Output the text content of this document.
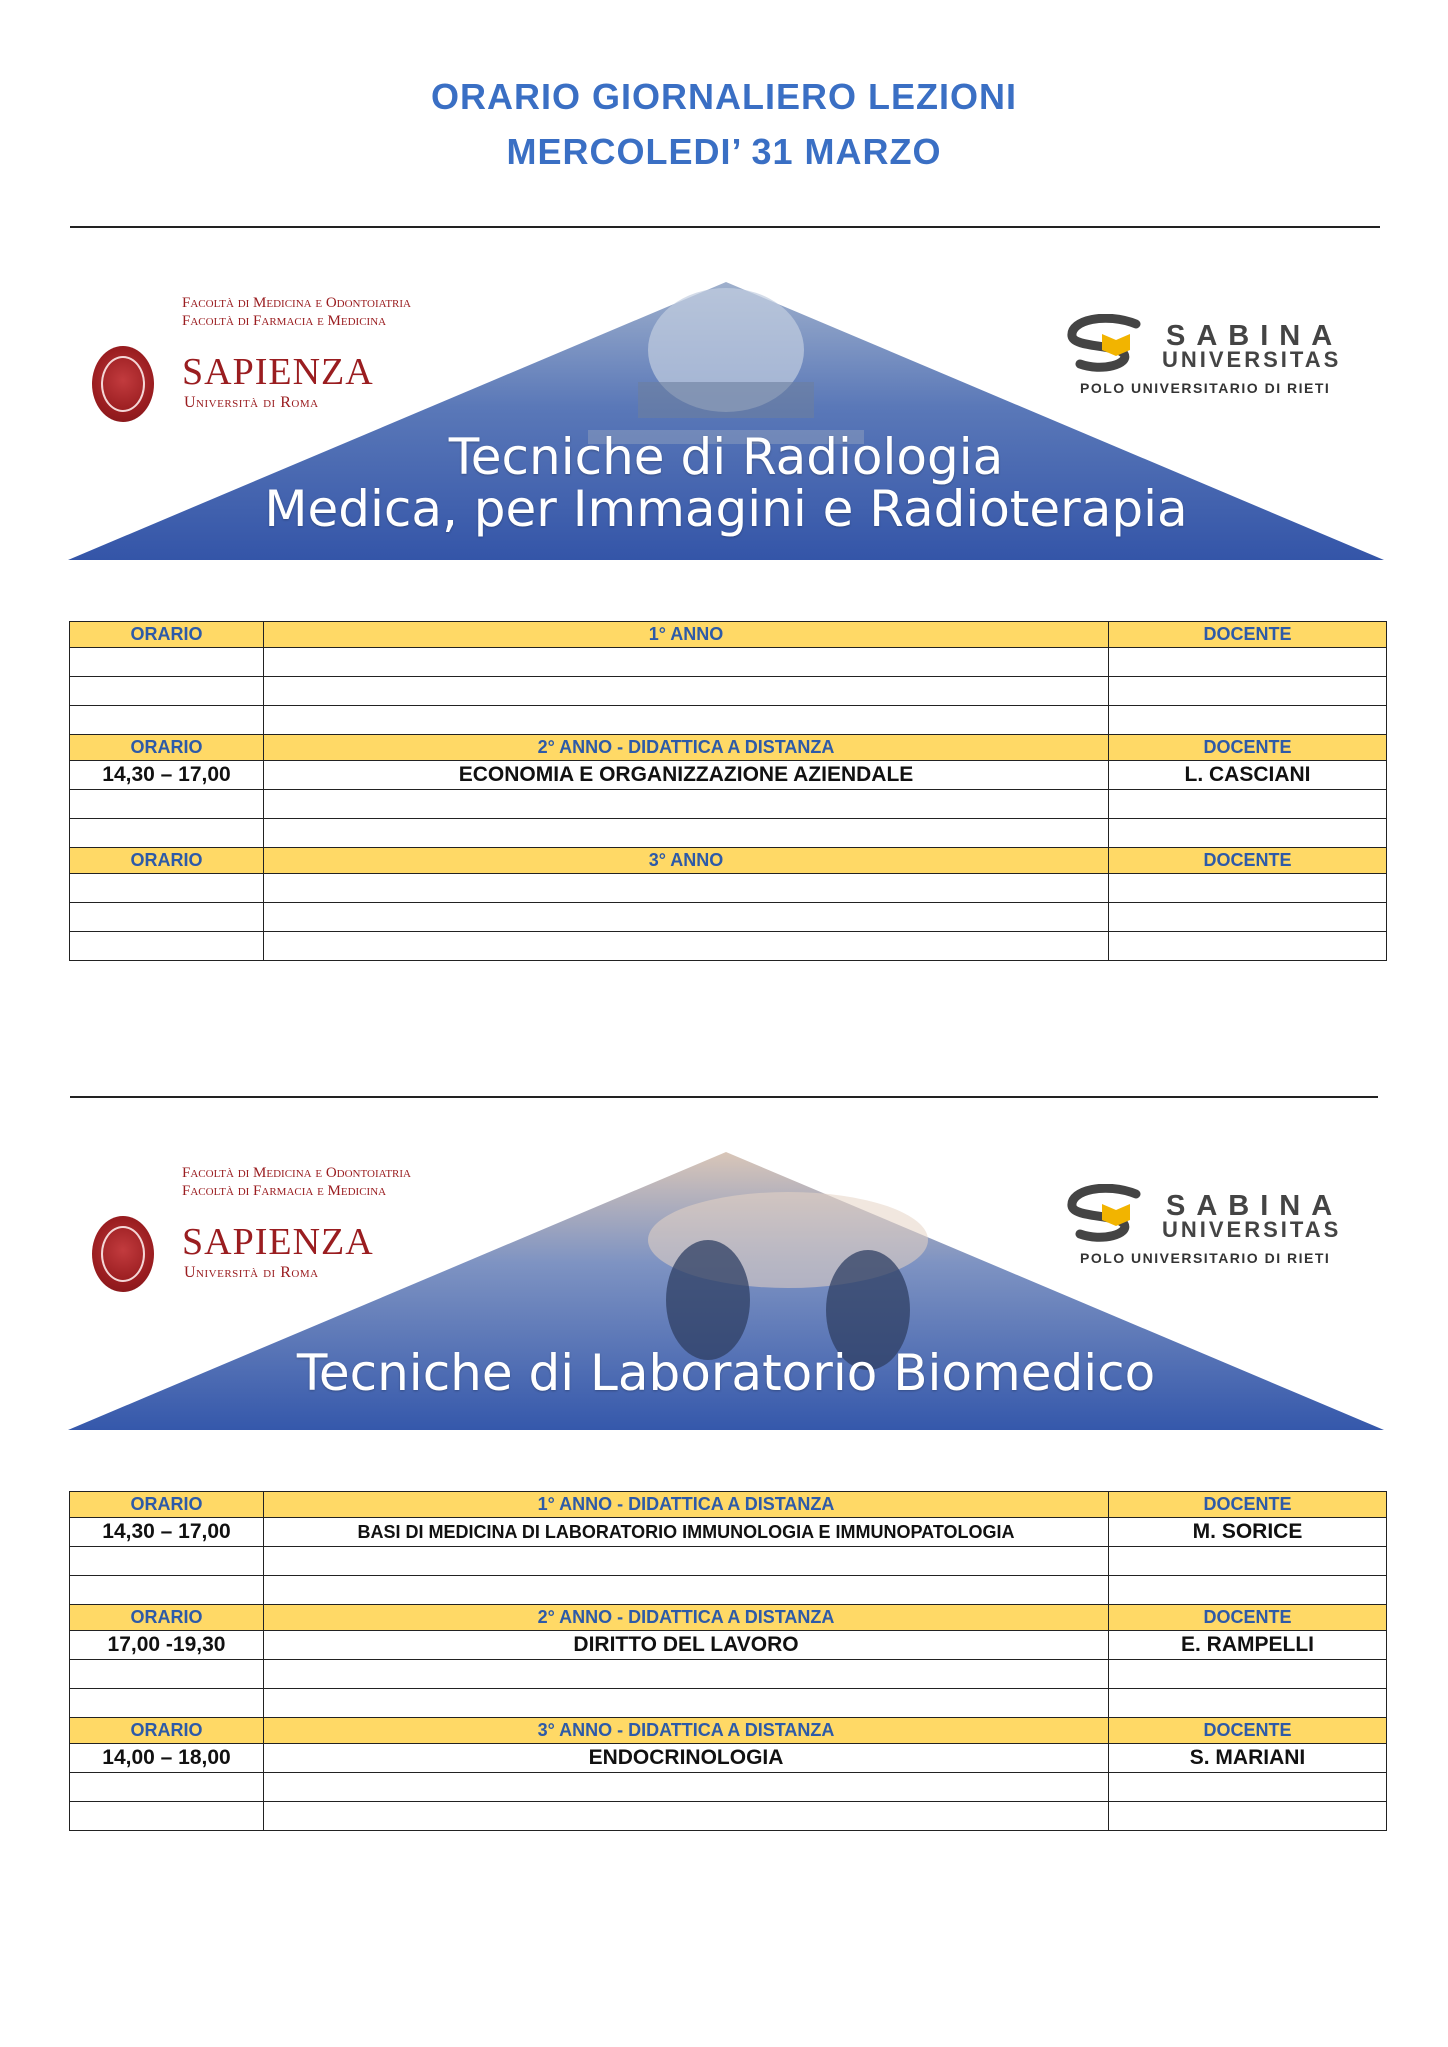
ORARIO GIORNALIERO LEZIONI
MERCOLEDI’ 31 MARZO
Facoltà di Medicina e Odontoiatria
Facoltà di Farmacia e Medicina
SAPIENZA
Università di Roma
SABINA
UNIVERSITAS
POLO UNIVERSITARIO DI RIETI
Tecniche di Radiologia
Medica, per Immagini e Radioterapia
ORARIO	1° ANNO	DOCENTE

ORARIO	2° ANNO - DIDATTICA A DISTANZA	DOCENTE
14,30 – 17,00	ECONOMIA E ORGANIZZAZIONE AZIENDALE	L. CASCIANI

ORARIO	3° ANNO	DOCENTE

Facoltà di Medicina e Odontoiatria
Facoltà di Farmacia e Medicina
SAPIENZA
Università di Roma
SABINA
UNIVERSITAS
POLO UNIVERSITARIO DI RIETI
Tecniche di Laboratorio Biomedico
ORARIO	1° ANNO - DIDATTICA A DISTANZA	DOCENTE
14,30 – 17,00	BASI DI MEDICINA DI LABORATORIO IMMUNOLOGIA E IMMUNOPATOLOGIA	M. SORICE

ORARIO	2° ANNO - DIDATTICA A DISTANZA	DOCENTE
17,00 -19,30	DIRITTO DEL LAVORO	E. RAMPELLI

ORARIO	3° ANNO - DIDATTICA A DISTANZA	DOCENTE
14,00 – 18,00	ENDOCRINOLOGIA	S. MARIANI
